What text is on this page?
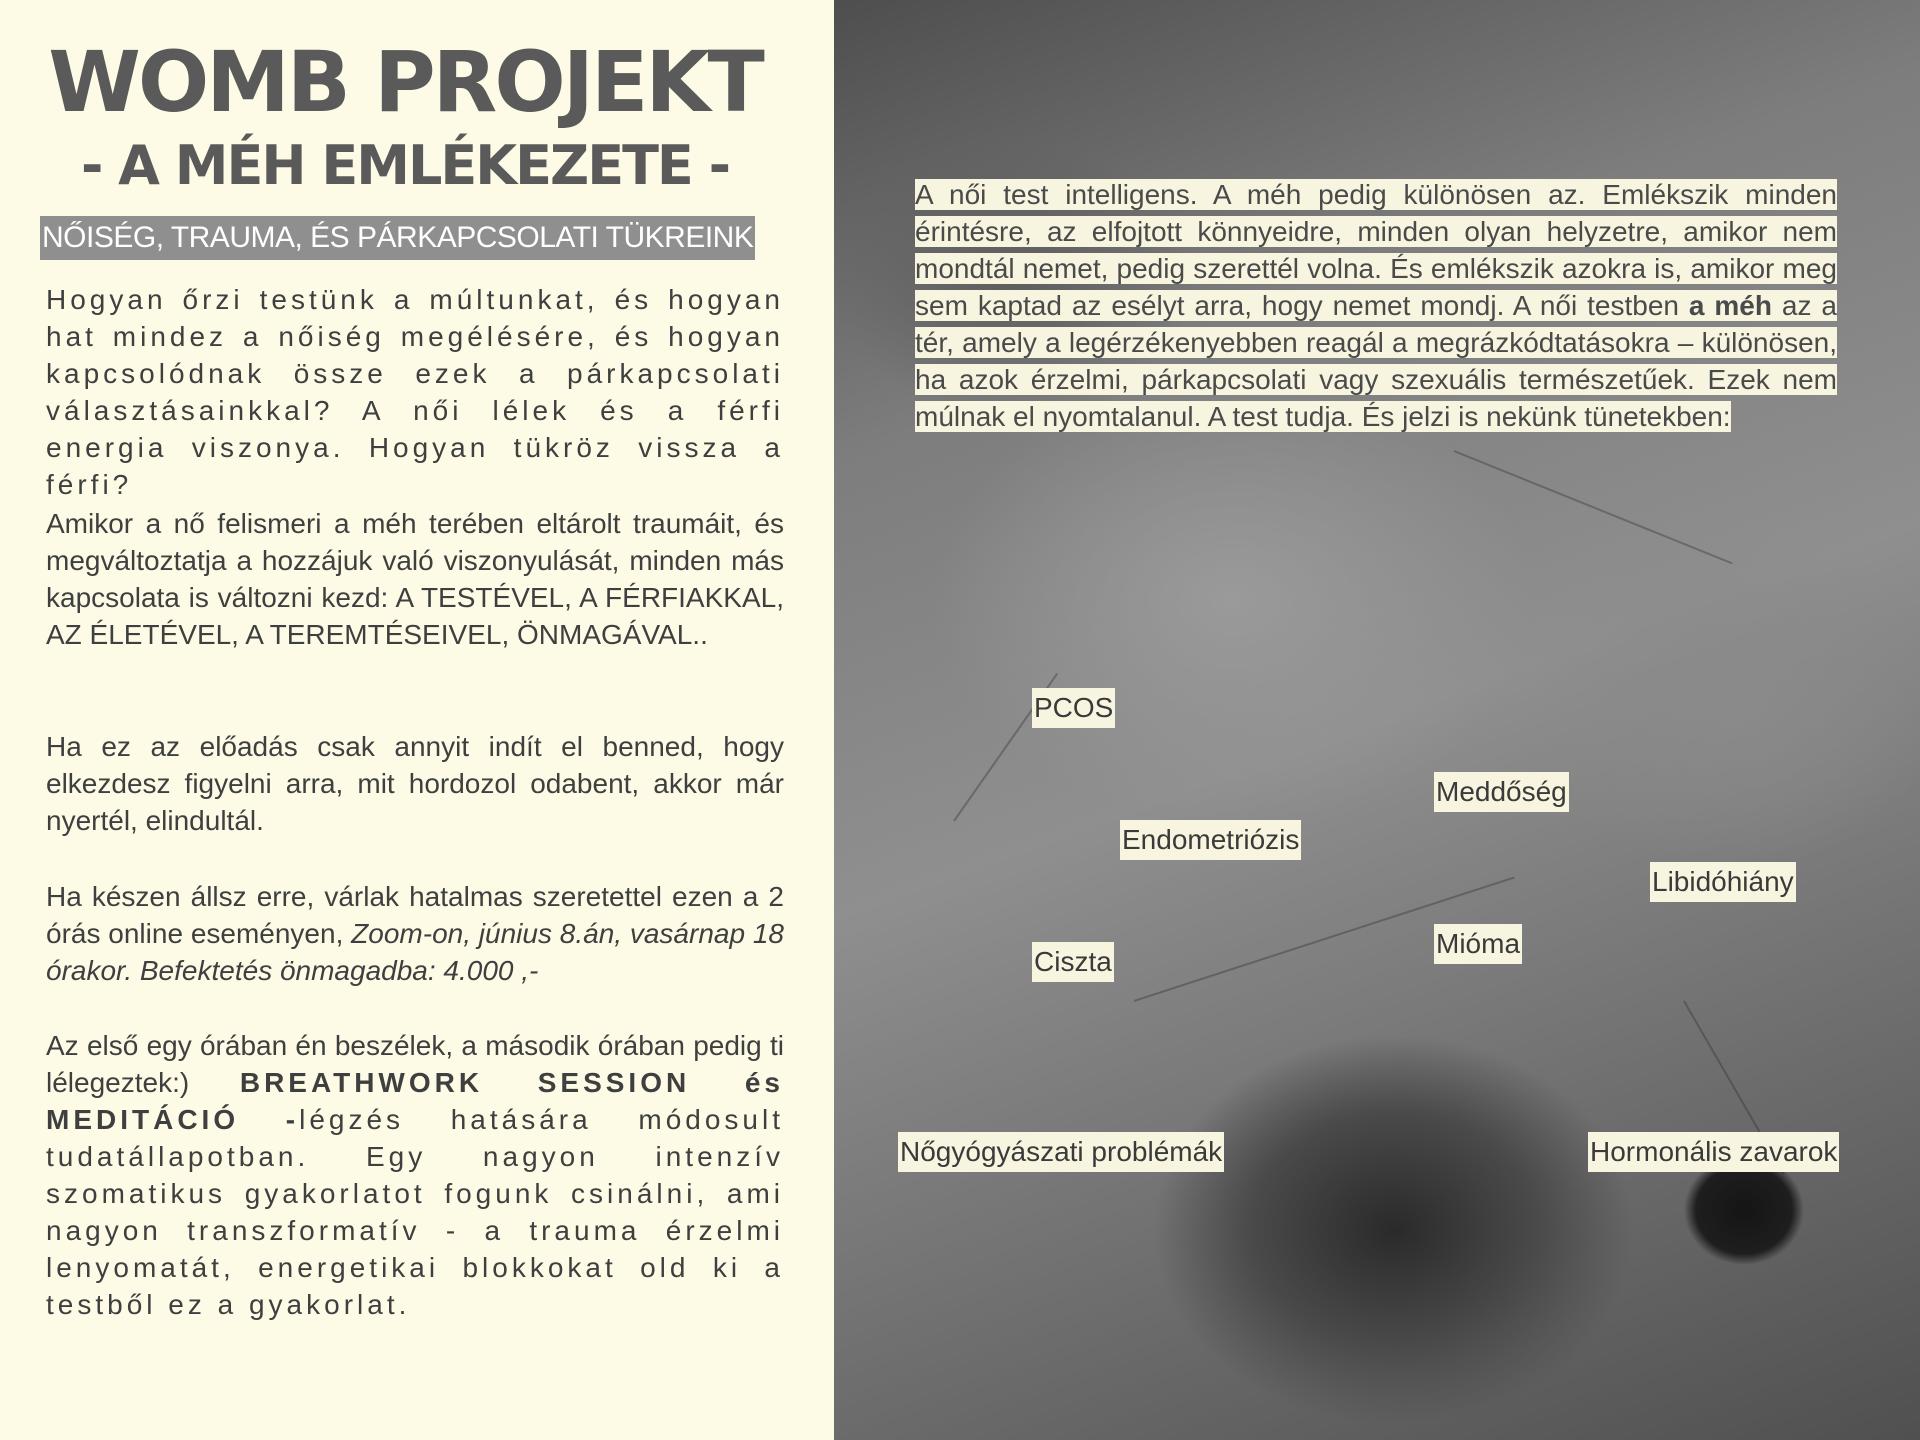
WOMB PROJEKT
- A MÉH EMLÉKEZETE -
NŐISÉG, TRAUMA, ÉS PÁRKAPCSOLATI TÜKREINK

Hogyan őrzi testünk a múltunkat, és hogyan hat mindez a nőiség megélésére, és hogyan kapcsolódnak össze ezek a párkapcsolati választásainkkal? A női lélek és a férfi energia viszonya. Hogyan tükröz vissza a férfi?

Amikor a nő felismeri a méh terében eltárolt traumáit, és megváltoztatja a hozzájuk való viszonyulását, minden más kapcsolata is változni kezd: A TESTÉVEL, A FÉRFIAKKAL, AZ ÉLETÉVEL, A TEREMTÉSEIVEL, ÖNMAGÁVAL..

Ha ez az előadás csak annyit indít el benned, hogy elkezdesz figyelni arra, mit hordozol odabent, akkor már nyertél, elindultál.

Ha készen állsz erre, várlak hatalmas szeretettel ezen a 2 órás online eseményen, Zoom-on, június 8.án, vasárnap 18 órakor. Befektetés önmagadba: 4.000 ,-

Az első egy órában én beszélek, a második órában pedig ti lélegeztek:) BREATHWORK SESSION és MEDITÁCIÓ -légzés hatására módosult tudatállapotban. Egy nagyon intenzív szomatikus gyakorlatot fogunk csinálni, ami nagyon transzformatív - a trauma érzelmi lenyomatát, energetikai blokkokat old ki a testből ez a gyakorlat.

A női test intelligens. A méh pedig különösen az. Emlékszik minden érintésre, az elfojtott könnyeidre, minden olyan helyzetre, amikor nem mondtál nemet, pedig szerettél volna. És emlékszik azokra is, amikor meg sem kaptad az esélyt arra, hogy nemet mondj. A női testben a méh az a tér, amely a legérzékenyebben reagál a megrázkódtatásokra – különösen, ha azok érzelmi, párkapcsolati vagy szexuális természetűek. Ezek nem múlnak el nyomtalanul. A test tudja. És jelzi is nekünk tünetekben:

PCOS
Meddőség
Endometriózis
Libidóhiány
Mióma
Ciszta
Nőgyógyászati problémák	Hormonális zavarok
